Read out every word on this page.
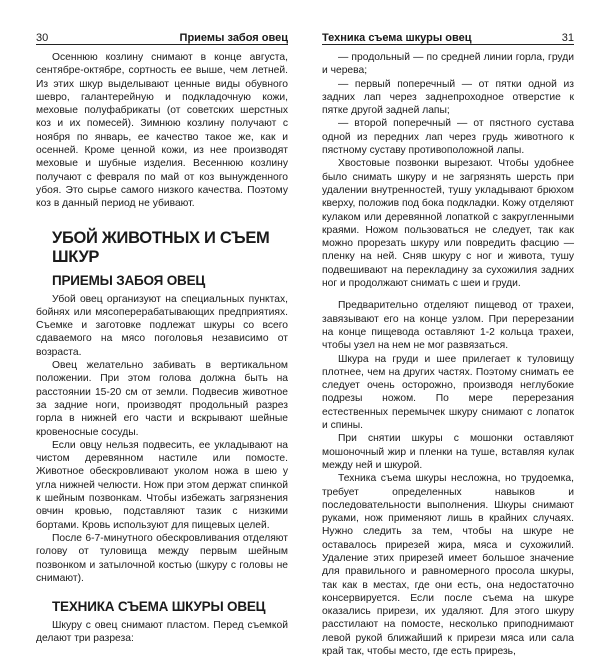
30	Приемы забоя овец

Осеннюю козлину снимают в конце августа, сентябре-октябре, сортность ее выше, чем летней. Из этих шкур выделывают ценные виды обувного шевро, галантерейную и подкладочную кожи, меховые полуфабрикаты (от советских шерстных коз и их помесей). Зимнюю козлину получают с ноября по январь, ее качество такое же, как и осенней. Кроме ценной кожи, из нее производят меховые и шубные изделия. Весеннюю козлину получают с февраля по май от коз вынужденного убоя. Это сырье самого низкого качества. Поэтому коз в данный период не убивают.

УБОЙ ЖИВОТНЫХ И СЪЕМ ШКУР
ПРИЕМЫ ЗАБОЯ ОВЕЦ

Убой овец организуют на специальных пунктах, бойнях или мясоперерабатывающих предприятиях. Съемке и заготовке подлежат шкуры со всего сдаваемого на мясо поголовья независимо от возраста.

Овец желательно забивать в вертикальном положении. При этом голова должна быть на расстоянии 15-20 см от земли. Подвесив животное за задние ноги, производят продольный разрез горла в нижней его части и вскрывают шейные кровеносные сосуды.

Если овцу нельзя подвесить, ее укладывают на чистом деревянном настиле или помосте. Животное обескровливают уколом ножа в шею у угла нижней челюсти. Нож при этом держат спинкой к шейным позвонкам. Чтобы избежать загрязнения овчин кровью, подставляют тазик с низкими бортами. Кровь используют для пищевых целей.

После 6-7-минутного обескровливания отделяют голову от туловища между первым шейным позвонком и затылочной костью (шкуру с головы не снимают).

ТЕХНИКА СЪЕМА ШКУРЫ ОВЕЦ

Шкуру с овец снимают пластом. Перед съемкой делают три разреза:

Техника съема шкуры овец	31

— продольный — по средней линии горла, груди и черева;

— первый поперечный — от пятки одной из задних лап через заднепроходное отверстие к пятке другой задней лапы;

— второй поперечный — от пястного сустава одной из передних лап через грудь животного к пястному суставу противоположной лапы.

Хвостовые позвонки вырезают. Чтобы удобнее было снимать шкуру и не загрязнять шерсть при удалении внутренностей, тушу укладывают брюхом кверху, положив под бока подкладки. Кожу отделяют кулаком или деревянной лопаткой с закругленными краями. Ножом пользоваться не следует, так как можно прорезать шкуру или повредить фасцию — пленку на ней. Сняв шкуру с ног и живота, тушу подвешивают на перекладину за сухожилия задних ног и продолжают снимать с шеи и груди.

Предварительно отделяют пищевод от трахеи, завязывают его на конце узлом. При перерезании на конце пищевода оставляют 1-2 кольца трахеи, чтобы узел на нем не мог развязаться.

Шкура на груди и шее прилегает к туловищу плотнее, чем на других частях. Поэтому снимать ее следует очень осторожно, производя неглубокие подрезы ножом. По мере перерезания естественных перемычек шкуру снимают с лопаток и спины.

При снятии шкуры с мошонки оставляют мошоночный жир и пленки на туше, вставляя кулак между ней и шкурой.

Техника съема шкуры несложна, но трудоемка, требует определенных навыков и последовательности выполнения. Шкуры снимают руками, нож применяют лишь в крайних случаях. Нужно следить за тем, чтобы на шкуре не оставалось прирезей жира, мяса и сухожилий. Удаление этих прирезей имеет большое значение для правильного и равномерного просола шкуры, так как в местах, где они есть, она недостаточно консервируется. Если после съема на шкуре оказались прирези, их удаляют. Для этого шкуру расстилают на помосте, несколько приподнимают левой рукой ближайший к прирези мяса или сала край так, чтобы место, где есть прирезь,
